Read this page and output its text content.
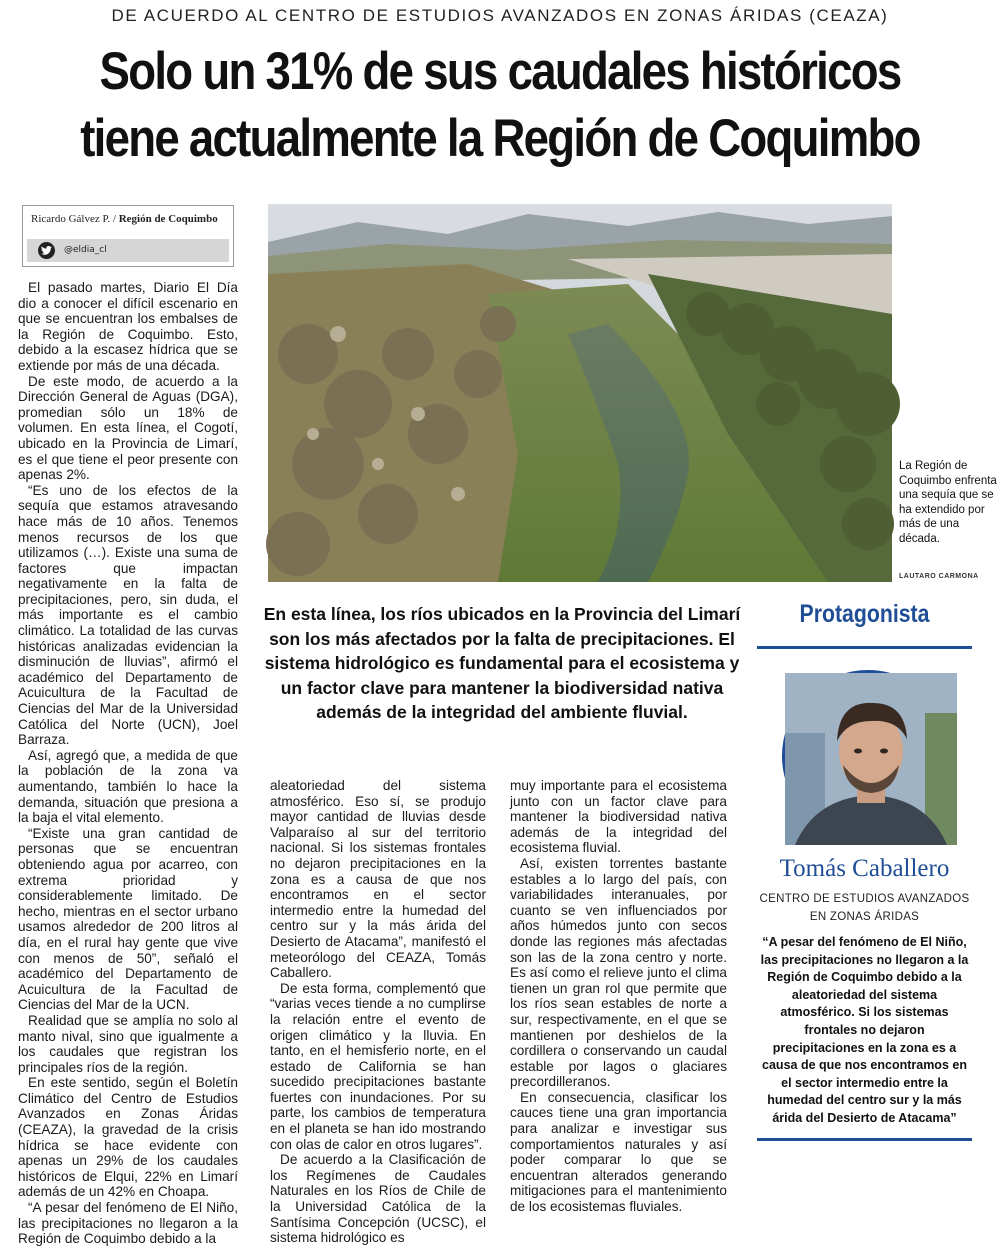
DE ACUERDO AL CENTRO DE ESTUDIOS AVANZADOS EN ZONAS ÁRIDAS (CEAZA)
Solo un 31% de sus caudales históricos
tiene actualmente la Región de Coquimbo
Ricardo Gálvez P. / Región de Coquimbo
@eldia_cl

El pasado martes, Diario El Día dio a conocer el difícil escenario en que se encuentran los embalses de la Región de Coquimbo. Esto, debido a la escasez hídrica que se extiende por más de una década.

De este modo, de acuerdo a la Dirección General de Aguas (DGA), promedian sólo un 18% de volumen. En esta línea, el Cogotí, ubicado en la Provincia de Limarí, es el que tiene el peor presente con apenas 2%.

“Es uno de los efectos de la sequía que estamos atravesando hace más de 10 años. Tenemos menos recursos de los que utilizamos (…). Existe una suma de factores que impactan negativamente en la falta de precipitaciones, pero, sin duda, el más importante es el cambio climático. La totalidad de las curvas históricas analizadas evidencian la disminución de lluvias”, afirmó el académico del Departamento de Acuicultura de la Facultad de Ciencias del Mar de la Universidad Católica del Norte (UCN), Joel Barraza.

Así, agregó que, a medida de que la población de la zona va aumentando, también lo hace la demanda, situación que presiona a la baja el vital elemento.

“Existe una gran cantidad de personas que se encuentran obteniendo agua por acarreo, con extrema prioridad y considerablemente limitado. De hecho, mientras en el sector urbano usamos alrededor de 200 litros al día, en el rural hay gente que vive con menos de 50”, señaló el académico del Departamento de Acuicultura de la Facultad de Ciencias del Mar de la UCN.

Realidad que se amplía no solo al manto nival, sino que igualmente a los caudales que registran los principales ríos de la región.

En este sentido, según el Boletín Climático del Centro de Estudios Avanzados en Zonas Áridas (CEAZA), la gravedad de la crisis hídrica se hace evidente con apenas un 29% de los caudales históricos de Elqui, 22% en Limarí además de un 42% en Choapa.

“A pesar del fenómeno de El Niño, las precipitaciones no llegaron a la Región de Coquimbo debido a la

La Región de Coquimbo enfrenta una sequía que se ha extendido por más de una década.
LAUTARO CARMONA
En esta línea, los ríos ubicados en la Provincia del Limarí son los más afectados por la falta de precipitaciones. El sistema hidrológico es fundamental para el ecosistema y un factor clave para mantener la biodiversidad nativa además de la integridad del ambiente fluvial.
Protagonista
Tomás Caballero
CENTRO DE ESTUDIOS AVANZADOS EN ZONAS ÁRIDAS
“A pesar del fenómeno de El Niño, las precipitaciones no llegaron a la Región de Coquimbo debido a la aleatoriedad del sistema atmosférico. Si los sistemas frontales no dejaron precipitaciones en la zona es a causa de que nos encontramos en el sector intermedio entre la humedad del centro sur y la más árida del Desierto de Atacama”
aleatoriedad del sistema atmosférico. Eso sí, se produjo mayor cantidad de lluvias desde Valparaíso al sur del territorio nacional. Si los sistemas frontales no dejaron precipitaciones en la zona es a causa de que nos encontramos en el sector intermedio entre la humedad del centro sur y la más árida del Desierto de Atacama”, manifestó el meteorólogo del CEAZA, Tomás Caballero.

De esta forma, complementó que “varias veces tiende a no cumplirse la relación entre el evento de origen climático y la lluvia. En tanto, en el hemisferio norte, en el estado de California se han sucedido precipitaciones bastante fuertes con inundaciones. Por su parte, los cambios de temperatura en el planeta se han ido mostrando con olas de calor en otros lugares”.

De acuerdo a la Clasificación de los Regímenes de Caudales Naturales en los Ríos de Chile de la Universidad Católica de la Santísima Concepción (UCSC), el sistema hidrológico es

muy importante para el ecosistema junto con un factor clave para mantener la biodiversidad nativa además de la integridad del ecosistema fluvial.

Así, existen torrentes bastante estables a lo largo del país, con variabilidades interanuales, por cuanto se ven influenciados por años húmedos junto con secos donde las regiones más afectadas son las de la zona centro y norte. Es así como el relieve junto el clima tienen un gran rol que permite que los ríos sean estables de norte a sur, respectivamente, en el que se mantienen por deshielos de la cordillera o conservando un caudal estable por lagos o glaciares precordilleranos.

En consecuencia, clasificar los cauces tiene una gran importancia para analizar e investigar sus comportamientos naturales y así poder comparar lo que se encuentran alterados generando mitigaciones para el mantenimiento de los ecosistemas fluviales.
